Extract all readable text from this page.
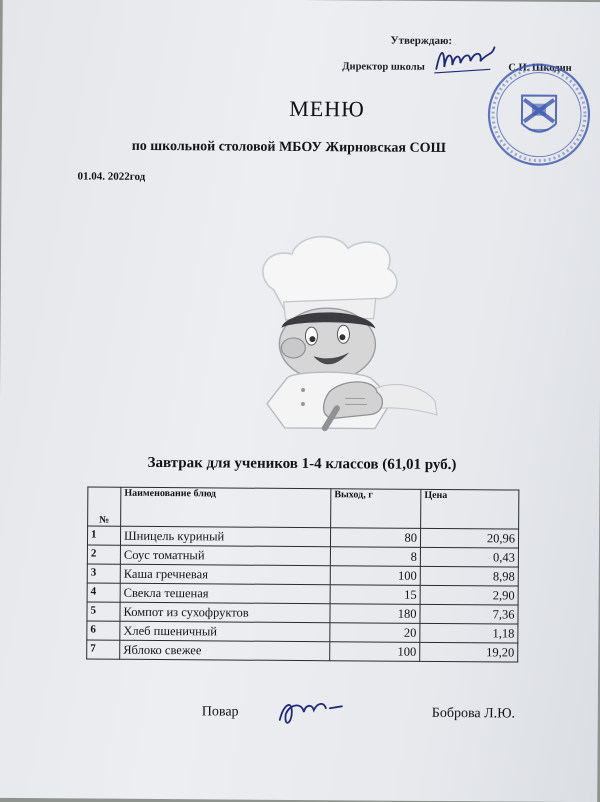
Утверждаю:
Директор школы	С.И. Шкодин
МЕНЮ
по школьной столовой МБОУ Жирновская СОШ
01.04. 2022год
Завтрак для учеников 1-4 классов (61,01 руб.)
№	Наименование блюд	Выход, г	Цена
1	Шницель куриный	80	20,96
2	Соус томатный	8	0,43
3	Каша гречневая	100	8,98
4	Свекла тешеная	15	2,90
5	Компот из сухофруктов	180	7,36
6	Хлеб пшеничный	20	1,18
7	Яблоко свежее	100	19,20
Повар	Боброва Л.Ю.
